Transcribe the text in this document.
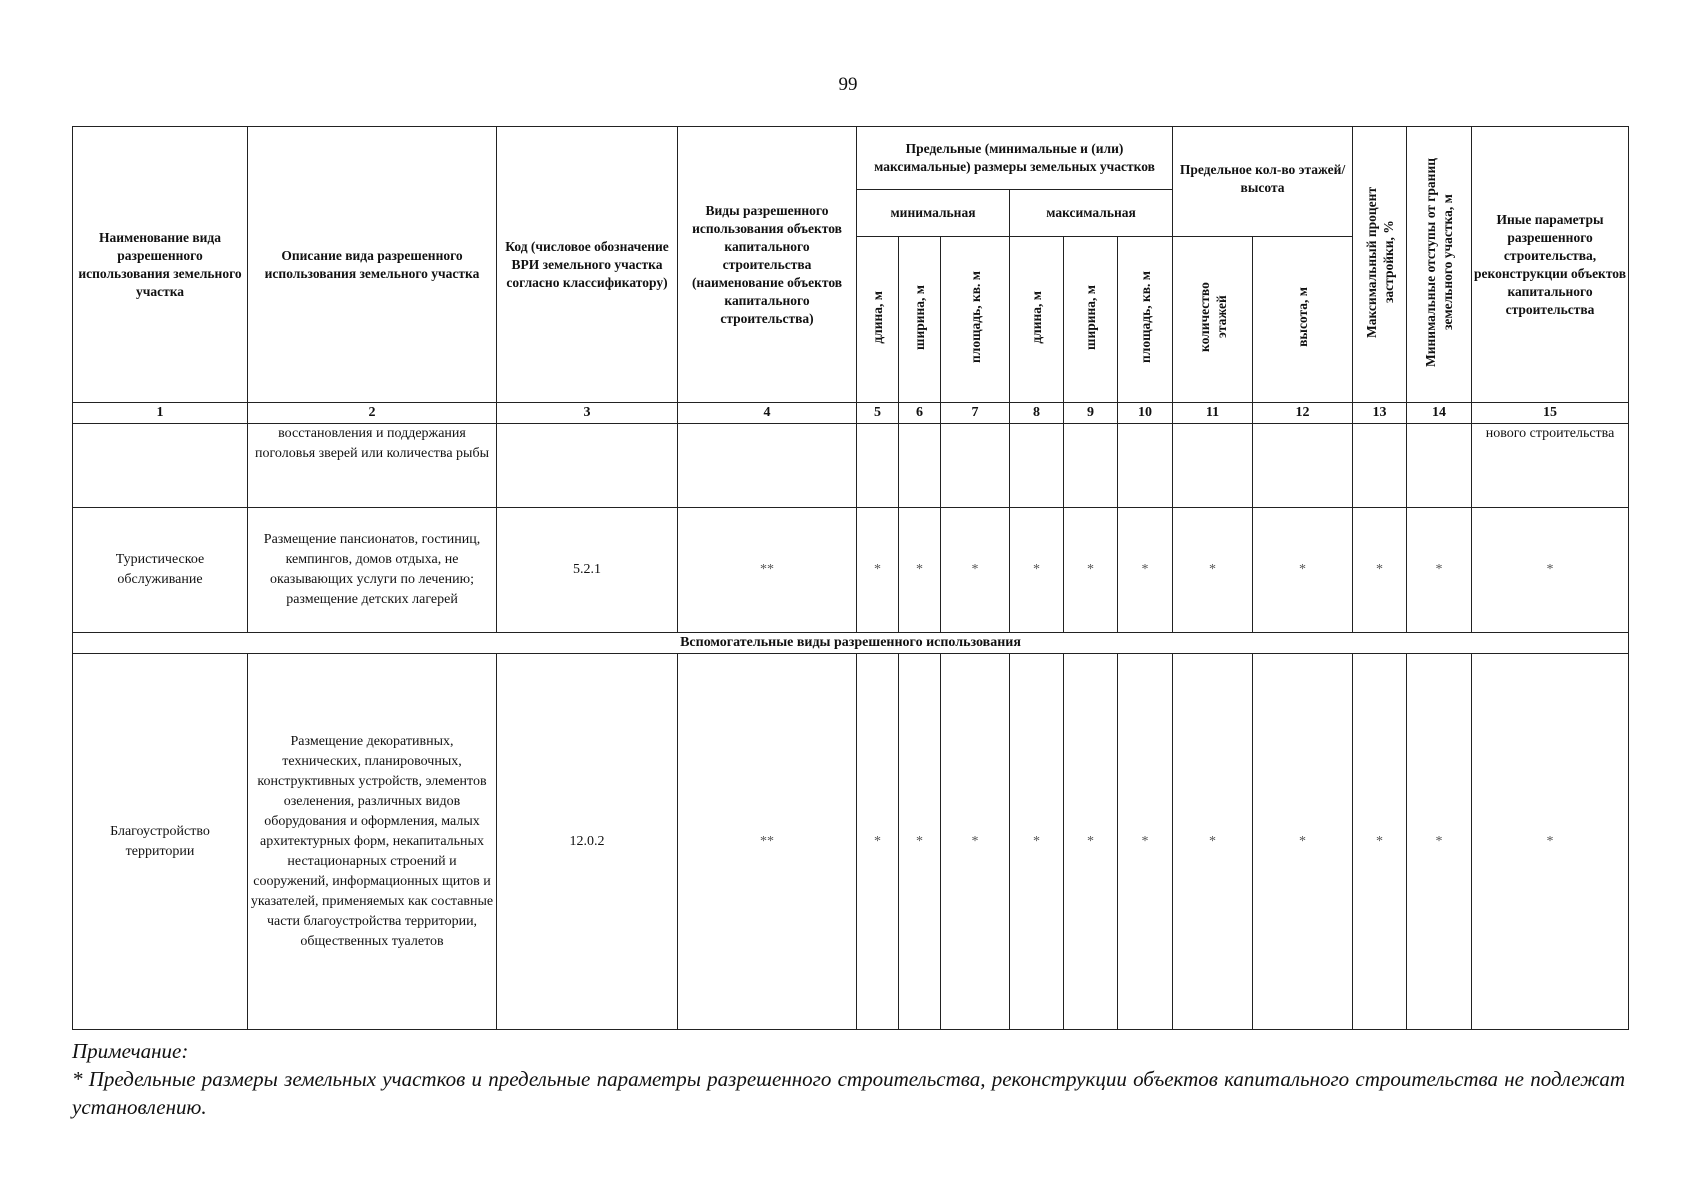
99
Наименование вида разрешенного использования земельного участка	Описание вида разрешенного использования земельного участка	Код (числовое обозначение ВРИ земельного участка согласно классификатору)	Виды разрешенного использования объектов капитального строительства (наименование объектов капитального строительства)	Предельные (минимальные и (или) максимальные) размеры земельных участков						Предельное кол-во этажей/высота		Максимальный процент застройки, %	Минимальные отступы от границ земельного участка, м	Иные параметры разрешенного строительства, реконструкции объектов капитального строительства
				минимальная			максимальная							
				длина, м	ширина, м	площадь, кв. м	длина, м	ширина, м	площадь, кв. м	количество этажей	высота, м			
1	2	3	4	5	6	7	8	9	10	11	12	13	14	15
	восстановления и поддержания поголовья зверей или количества рыбы													нового строительства
Туристическое обслуживание	Размещение пансионатов, гостиниц, кемпингов, домов отдыха, не оказывающих услуги по лечению; размещение детских лагерей	5.2.1	**	*	*	*	*	*	*	*	*	*	*	*
Вспомогательные виды разрешенного использования														
Благоустройство территории	Размещение декоративных, технических, планировочных, конструктивных устройств, элементов озеленения, различных видов оборудования и оформления, малых архитектурных форм, некапитальных нестационарных строений и сооружений, информационных щитов и указателей, применяемых как составные части благоустройства территории, общественных туалетов	12.0.2	**	*	*	*	*	*	*	*	*	*	*	*
Примечание:
* Предельные размеры земельных участков и предельные параметры разрешенного строительства, реконструкции объектов капитального строительства не подлежат установлению.
